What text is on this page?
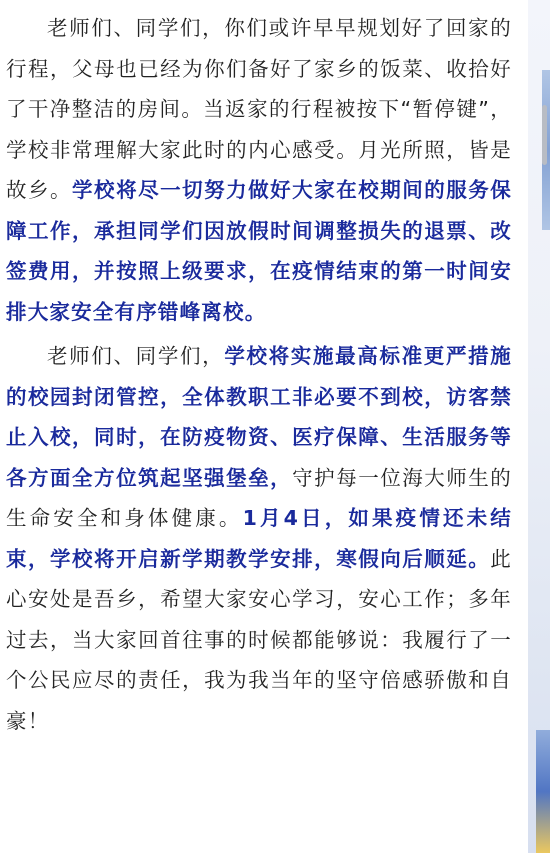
老师们、同学们，你们或许早早规划好了回家的行程，父母也已经为你们备好了家乡的饭菜、收拾好了干净整洁的房间。当返家的行程被按下“暂停键”，学校非常理解大家此时的内心感受。月光所照，皆是故乡。学校将尽一切努力做好大家在校期间的服务保障工作，承担同学们因放假时间调整损失的退票、改签费用，并按照上级要求，在疫情结束的第一时间安排大家安全有序错峰离校。

老师们、同学们，学校将实施最高标准更严措施的校园封闭管控，全体教职工非必要不到校，访客禁止入校，同时，在防疫物资、医疗保障、生活服务等各方面全方位筑起坚强堡垒，守护每一位海大师生的生命安全和身体健康。1月4日，如果疫情还未结束，学校将开启新学期教学安排，寒假向后顺延。此心安处是吾乡，希望大家安心学习，安心工作；多年过去，当大家回首往事的时候都能够说：我履行了一个公民应尽的责任，我为我当年的坚守倍感骄傲和自豪！
